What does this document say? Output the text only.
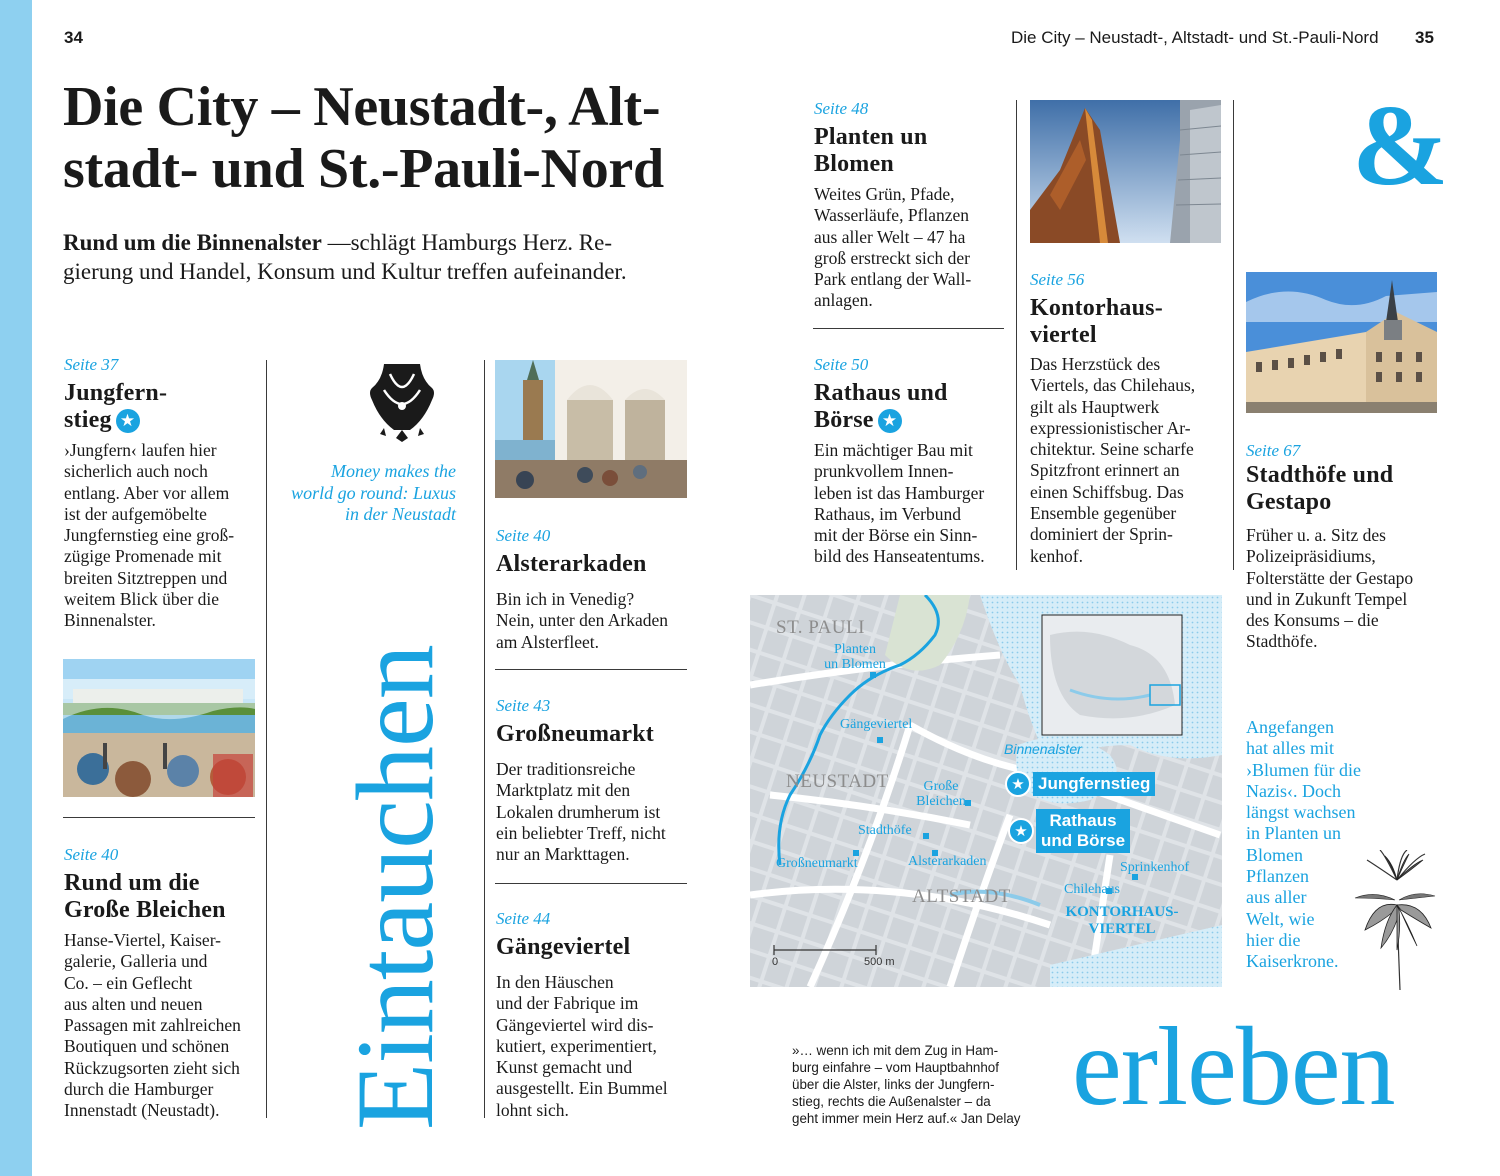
34	Die City – Neustadt-, Altstadt- und St.-Pauli-Nord 35
Die City – Neustadt-, Alt-
stadt- und St.-Pauli-Nord
Rund um die Binnenalster —schlägt Hamburgs Herz. Re-
gierung und Handel, Konsum und Kultur treffen aufeinander.
Seite 37
Jungfern-
stieg ★
›Jungfern‹ laufen hier
sicherlich auch noch
entlang. Aber vor allem
ist der aufgemöbelte
Jungfernstieg eine groß-
zügige Promenade mit
breiten Sitztreppen und
weitem Blick über die
Binnenalster.
Seite 40
Rund um die
Große Bleichen
Hanse-Viertel, Kaiser-
galerie, Galleria und
Co. – ein Geflecht
aus alten und neuen
Passagen mit zahlreichen
Boutiquen und schönen
Rückzugsorten zieht sich
durch die Hamburger
Innenstadt (Neustadt).
Money makes the
world go round: Luxus
in der Neustadt
Eintauchen
Seite 40
Alsterarkaden
Bin ich in Venedig?
Nein, unter den Arkaden
am Alsterfleet.
Seite 43
Großneumarkt
Der traditionsreiche
Marktplatz mit den
Lokalen drumherum ist
ein beliebter Treff, nicht
nur an Markttagen.
Seite 44
Gängeviertel
In den Häuschen
und der Fabrique im
Gängeviertel wird dis-
kutiert, experimentiert,
Kunst gemacht und
ausgestellt. Ein Bummel
lohnt sich.
Seite 48
Planten un
Blomen
Weites Grün, Pfade,
Wasserläufe, Pflanzen
aus aller Welt – 47 ha
groß erstreckt sich der
Park entlang der Wall-
anlagen.
Seite 50
Rathaus und
Börse ★
Ein mächtiger Bau mit
prunkvollem Innen-
leben ist das Hamburger
Rathaus, im Verbund
mit der Börse ein Sinn-
bild des Hanseatentums.
Seite 56
Kontorhaus-
viertel
Das Herzstück des
Viertels, das Chilehaus,
gilt als Hauptwerk
expressionistischer Ar-
chitektur. Seine scharfe
Spitzfront erinnert an
einen Schiffsbug. Das
Ensemble gegenüber
dominiert der Sprin-
kenhof.
&
Seite 67
Stadthöfe und
Gestapo
Früher u. a. Sitz des
Polizeipräsidiums,
Folterstätte der Gestapo
und in Zukunft Tempel
des Konsums – die
Stadthöfe.
Angefangen
hat alles mit
›Blumen für die
Nazis‹. Doch
längst wachsen
in Planten un
Blomen
Pflanzen
aus aller
Welt, wie
hier die
Kaiserkrone.
ST. PAULI
NEUSTADT
ALTSTADT
Planten
un Blomen
Gängeviertel
Große
Bleichen
Stadthöfe
Großneumarkt	Alsterarkaden	Sprinkenhof
Chilehaus
Binnenalster
KONTORHAUS-
VIERTEL
★ Jungfernstieg
★
Rathaus
und Börse
0	500 m
»… wenn ich mit dem Zug in Ham-
burg einfahre – vom Hauptbahnhof
über die Alster, links der Jungfern-
stieg, rechts die Außenalster – da
geht immer mein Herz auf.« Jan Delay erleben
